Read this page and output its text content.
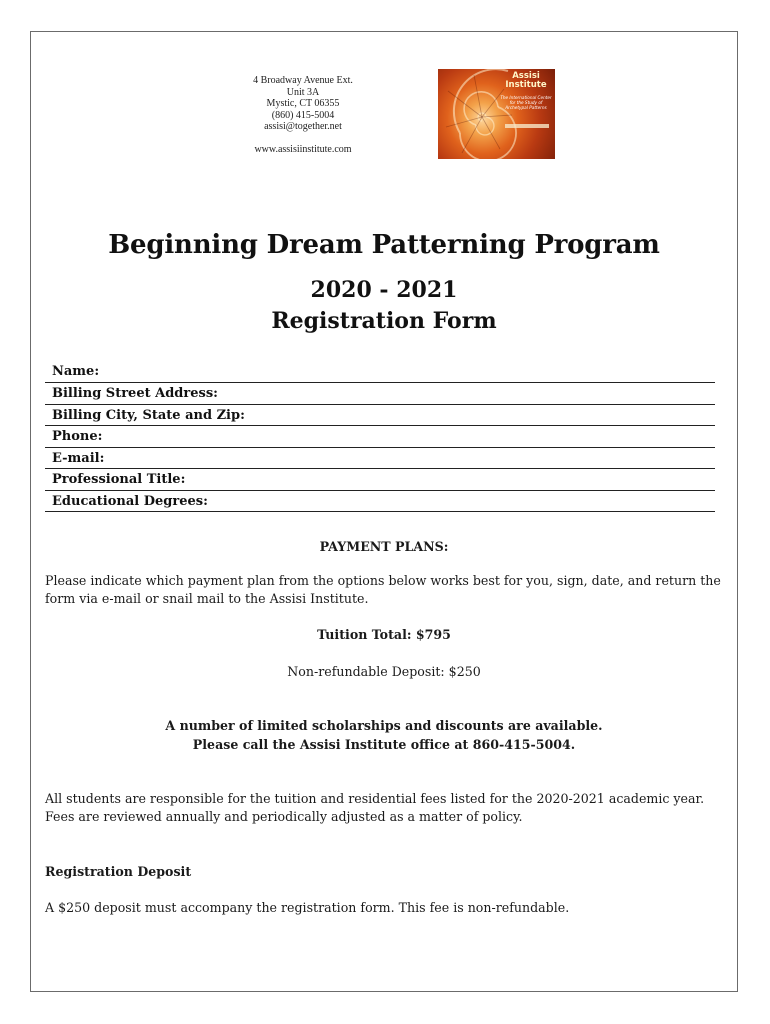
4 Broadway Avenue Ext.
Unit 3A
Mystic, CT 06355
(860) 415-5004
assisi@together.net
www.assisiinstitute.com
Assisi
Institute
The International Center for the Study of Archetypal Patterns
Beginning Dream Patterning Program
2020 - 2021
Registration Form
Name:
Billing Street Address:
Billing City, State and Zip:
Phone:
E-mail:
Professional Title:
Educational Degrees:
PAYMENT PLANS:
Please indicate which payment plan from the options below works best for you, sign, date, and return the form via e-mail or snail mail to the Assisi Institute.
Tuition Total: $795
Non-refundable Deposit: $250
A number of limited scholarships and discounts are available.
Please call the Assisi Institute office at 860-415-5004.
All students are responsible for the tuition and residential fees listed for the 2020-2021 academic year. Fees are reviewed annually and periodically adjusted as a matter of policy.
Registration Deposit
A $250 deposit must accompany the registration form. This fee is non-refundable.
